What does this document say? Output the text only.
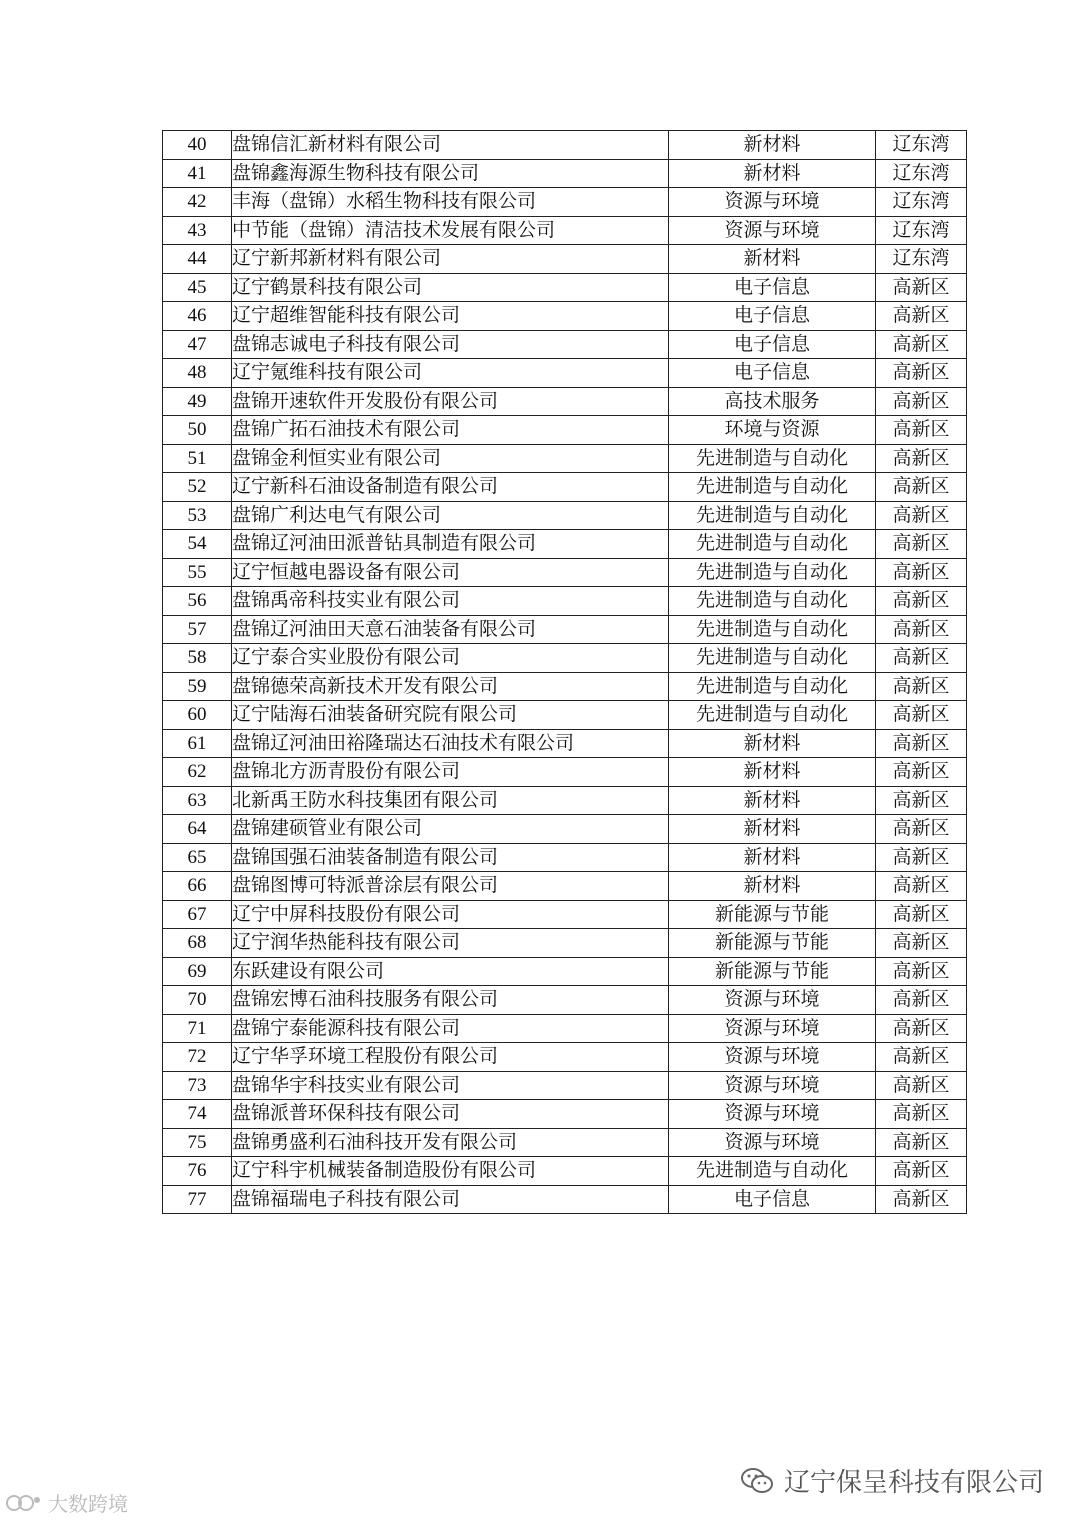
40	盘锦信汇新材料有限公司	新材料	辽东湾
41	盘锦鑫海源生物科技有限公司	新材料	辽东湾
42	丰海（盘锦）水稻生物科技有限公司	资源与环境	辽东湾
43	中节能（盘锦）清洁技术发展有限公司	资源与环境	辽东湾
44	辽宁新邦新材料有限公司	新材料	辽东湾
45	辽宁鹤景科技有限公司	电子信息	高新区
46	辽宁超维智能科技有限公司	电子信息	高新区
47	盘锦志诚电子科技有限公司	电子信息	高新区
48	辽宁氪维科技有限公司	电子信息	高新区
49	盘锦开速软件开发股份有限公司	高技术服务	高新区
50	盘锦广拓石油技术有限公司	环境与资源	高新区
51	盘锦金利恒实业有限公司	先进制造与自动化	高新区
52	辽宁新科石油设备制造有限公司	先进制造与自动化	高新区
53	盘锦广利达电气有限公司	先进制造与自动化	高新区
54	盘锦辽河油田派普钻具制造有限公司	先进制造与自动化	高新区
55	辽宁恒越电器设备有限公司	先进制造与自动化	高新区
56	盘锦禹帝科技实业有限公司	先进制造与自动化	高新区
57	盘锦辽河油田天意石油装备有限公司	先进制造与自动化	高新区
58	辽宁泰合实业股份有限公司	先进制造与自动化	高新区
59	盘锦德荣高新技术开发有限公司	先进制造与自动化	高新区
60	辽宁陆海石油装备研究院有限公司	先进制造与自动化	高新区
61	盘锦辽河油田裕隆瑞达石油技术有限公司	新材料	高新区
62	盘锦北方沥青股份有限公司	新材料	高新区
63	北新禹王防水科技集团有限公司	新材料	高新区
64	盘锦建硕管业有限公司	新材料	高新区
65	盘锦国强石油装备制造有限公司	新材料	高新区
66	盘锦图博可特派普涂层有限公司	新材料	高新区
67	辽宁中屏科技股份有限公司	新能源与节能	高新区
68	辽宁润华热能科技有限公司	新能源与节能	高新区
69	东跃建设有限公司	新能源与节能	高新区
70	盘锦宏博石油科技服务有限公司	资源与环境	高新区
71	盘锦宁泰能源科技有限公司	资源与环境	高新区
72	辽宁华孚环境工程股份有限公司	资源与环境	高新区
73	盘锦华宇科技实业有限公司	资源与环境	高新区
74	盘锦派普环保科技有限公司	资源与环境	高新区
75	盘锦勇盛利石油科技开发有限公司	资源与环境	高新区
76	辽宁科宇机械装备制造股份有限公司	先进制造与自动化	高新区
77	盘锦福瑞电子科技有限公司	电子信息	高新区
大数跨境
辽宁保呈科技有限公司
